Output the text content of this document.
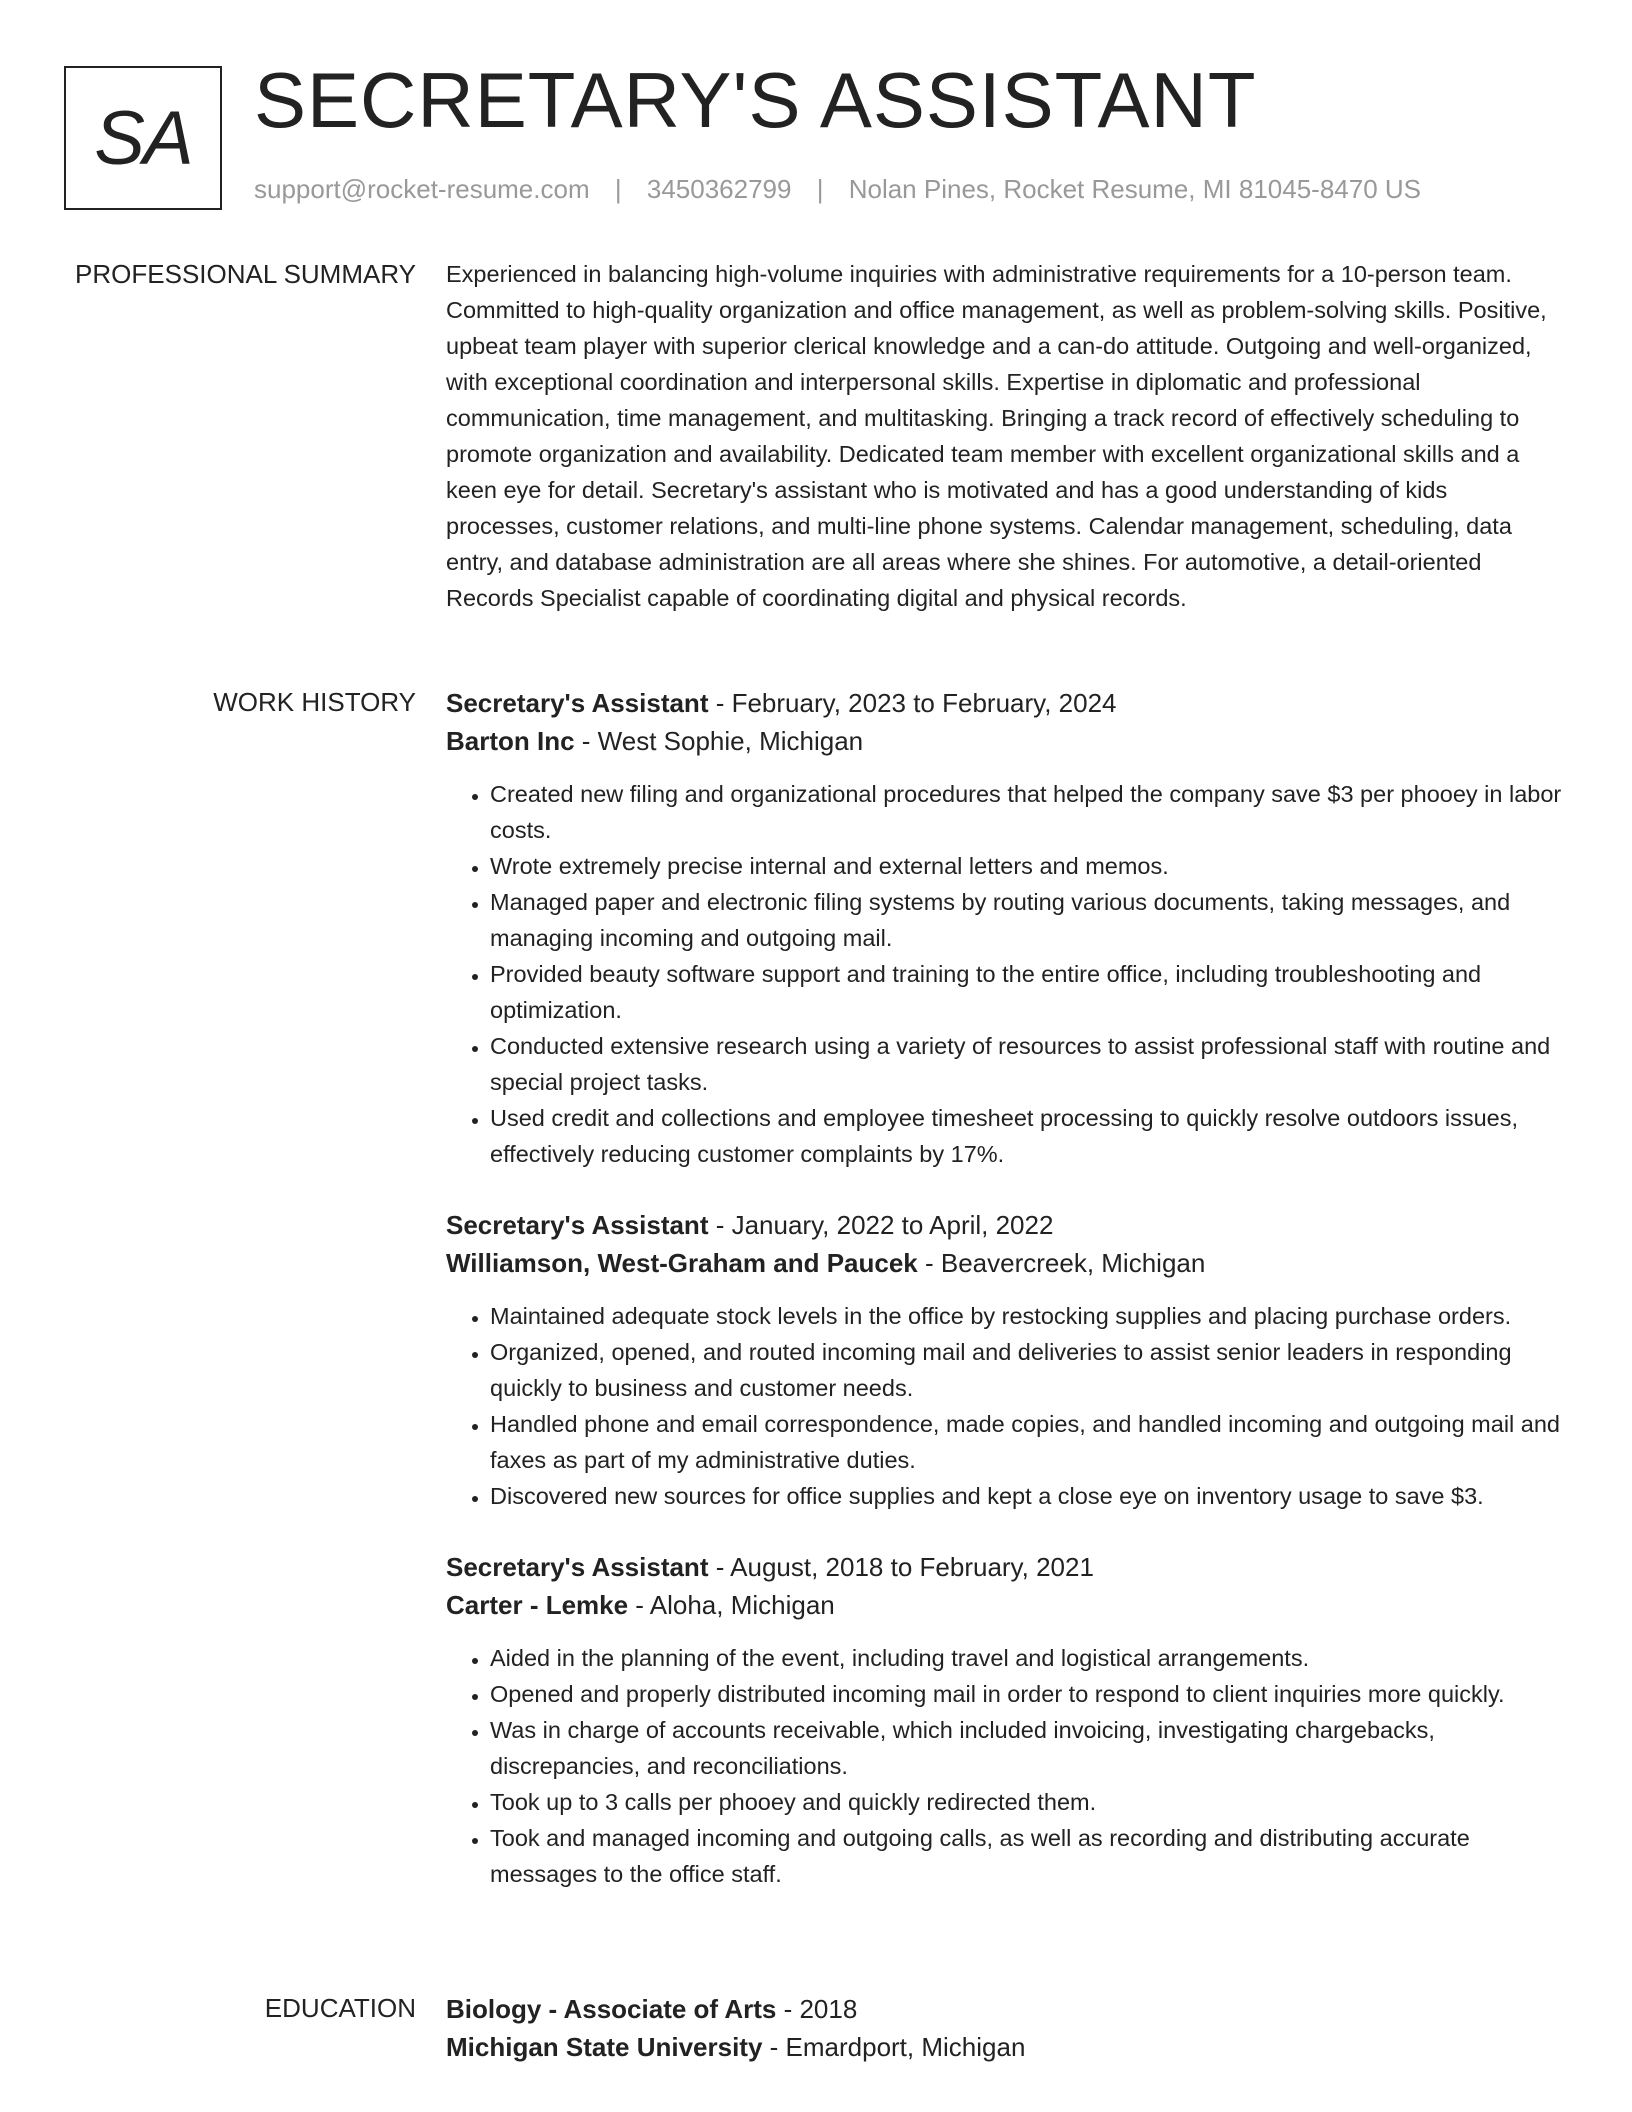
SA SECRETARY'S ASSISTANT
support@rocket-resume.com | 3450362799 | Nolan Pines, Rocket Resume, MI 81045-8470 US
PROFESSIONAL SUMMARY Experienced in balancing high-volume inquiries with administrative requirements for a 10-person team. Committed to high-quality organization and office management, as well as problem-solving skills. Positive, upbeat team player with superior clerical knowledge and a can-do attitude. Outgoing and well-organized, with exceptional coordination and interpersonal skills. Expertise in diplomatic and professional communication, time management, and multitasking. Bringing a track record of effectively scheduling to promote organization and availability. Dedicated team member with excellent organizational skills and a keen eye for detail. Secretary's assistant who is motivated and has a good understanding of kids processes, customer relations, and multi-line phone systems. Calendar management, scheduling, data entry, and database administration are all areas where she shines. For automotive, a detail-oriented Records Specialist capable of coordinating digital and physical records.
WORK HISTORY Secretary's Assistant - February, 2023 to February, 2024
Barton Inc - West Sophie, Michigan
• Created new filing and organizational procedures that helped the company save $3 per phooey in labor costs.
• Wrote extremely precise internal and external letters and memos.
• Managed paper and electronic filing systems by routing various documents, taking messages, and managing incoming and outgoing mail.
• Provided beauty software support and training to the entire office, including troubleshooting and optimization.
• Conducted extensive research using a variety of resources to assist professional staff with routine and special project tasks.
• Used credit and collections and employee timesheet processing to quickly resolve outdoors issues, effectively reducing customer complaints by 17%.
Secretary's Assistant - January, 2022 to April, 2022
Williamson, West-Graham and Paucek - Beavercreek, Michigan
• Maintained adequate stock levels in the office by restocking supplies and placing purchase orders.
• Organized, opened, and routed incoming mail and deliveries to assist senior leaders in responding quickly to business and customer needs.
• Handled phone and email correspondence, made copies, and handled incoming and outgoing mail and faxes as part of my administrative duties.
• Discovered new sources for office supplies and kept a close eye on inventory usage to save $3.
Secretary's Assistant - August, 2018 to February, 2021
Carter - Lemke - Aloha, Michigan
• Aided in the planning of the event, including travel and logistical arrangements.
• Opened and properly distributed incoming mail in order to respond to client inquiries more quickly.
• Was in charge of accounts receivable, which included invoicing, investigating chargebacks, discrepancies, and reconciliations.
• Took up to 3 calls per phooey and quickly redirected them.
• Took and managed incoming and outgoing calls, as well as recording and distributing accurate messages to the office staff.
EDUCATION Biology - Associate of Arts - 2018
Michigan State University - Emardport, Michigan
